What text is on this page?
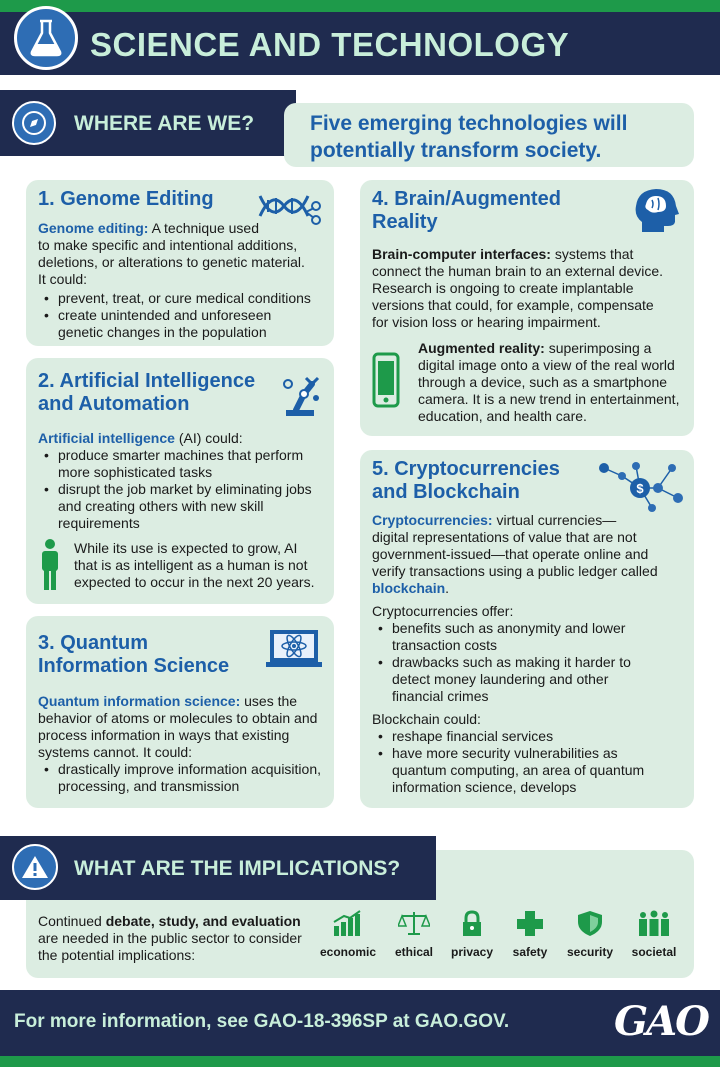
SCIENCE AND TECHNOLOGY
WHERE ARE WE?	Five emerging technologies will
potentially transform society.
1. Genome Editing
Genome editing: A technique used
to make specific and intentional additions,
deletions, or alterations to genetic material.
It could:
• prevent, treat, or cure medical conditions
• create unintended and unforeseen
genetic changes in the population
2. Artificial Intelligence
and Automation
Artificial intelligence (AI) could:
• produce smarter machines that perform
more sophisticated tasks
• disrupt the job market by eliminating jobs
and creating others with new skill
requirements
While its use is expected to grow, AI
that is as intelligent as a human is not
expected to occur in the next 20 years.
3. Quantum
Information Science
Quantum information science: uses the
behavior of atoms or molecules to obtain and
process information in ways that existing
systems cannot. It could:
• drastically improve information acquisition,
processing, and transmission
4. Brain/Augmented
Reality
Brain-computer interfaces: systems that
connect the human brain to an external device.
Research is ongoing to create implantable
versions that could, for example, compensate
for vision loss or hearing impairment.
Augmented reality: superimposing a
digital image onto a view of the real world
through a device, such as a smartphone
camera. It is a new trend in entertainment,
education, and health care.
5. Cryptocurrencies
and Blockchain	$
Cryptocurrencies: virtual currencies—
digital representations of value that are not
government-issued—that operate online and
verify transactions using a public ledger called
blockchain.
Cryptocurrencies offer:
• benefits such as anonymity and lower
transaction costs
• drawbacks such as making it harder to
detect money laundering and other
financial crimes
Blockchain could:
• reshape financial services
• have more security vulnerabilities as
quantum computing, an area of quantum
information science, develops
WHAT ARE THE IMPLICATIONS?
Continued debate, study, and evaluation
are needed in the public sector to consider
the potential implications:	economic	ethical	privacy	safety	security	societal
For more information, see GAO-18-396SP at GAO.GOV.	GAO
